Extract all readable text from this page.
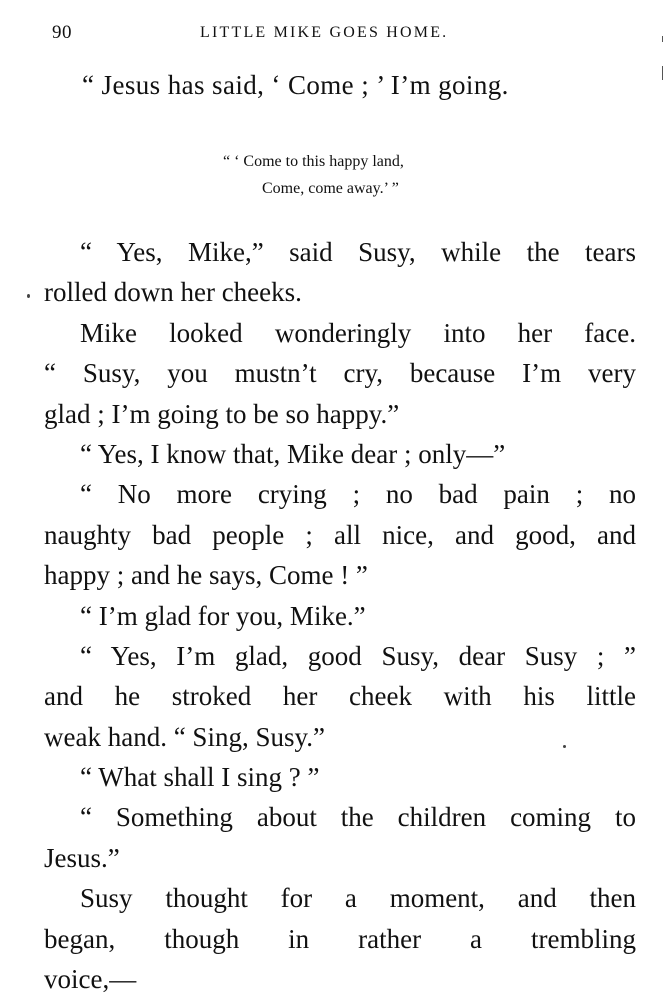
90	LITTLE MIKE GOES HOME.
“ Jesus has said, ‘ Come ; ’ I’m going.
“ ‘ Come to this happy land,
Come, come away.’ ”
“ Yes, Mike,” said Susy, while the tears
rolled down her cheeks.
Mike looked wonderingly into her face.
“ Susy, you mustn’t cry, because I’m very
glad ; I’m going to be so happy.”
“ Yes, I know that, Mike dear ; only—”
“ No more crying ; no bad pain ; no
naughty bad people ; all nice, and good, and
happy ; and he says, Come ! ”
“ I’m glad for you, Mike.”
“ Yes, I’m glad, good Susy, dear Susy ; ”
and he stroked her cheek with his little
weak hand. “ Sing, Susy.”
“ What shall I sing ? ”
“ Something about the children coming to
Jesus.”
Susy thought for a moment, and then
began, though in rather a trembling
voice,—
